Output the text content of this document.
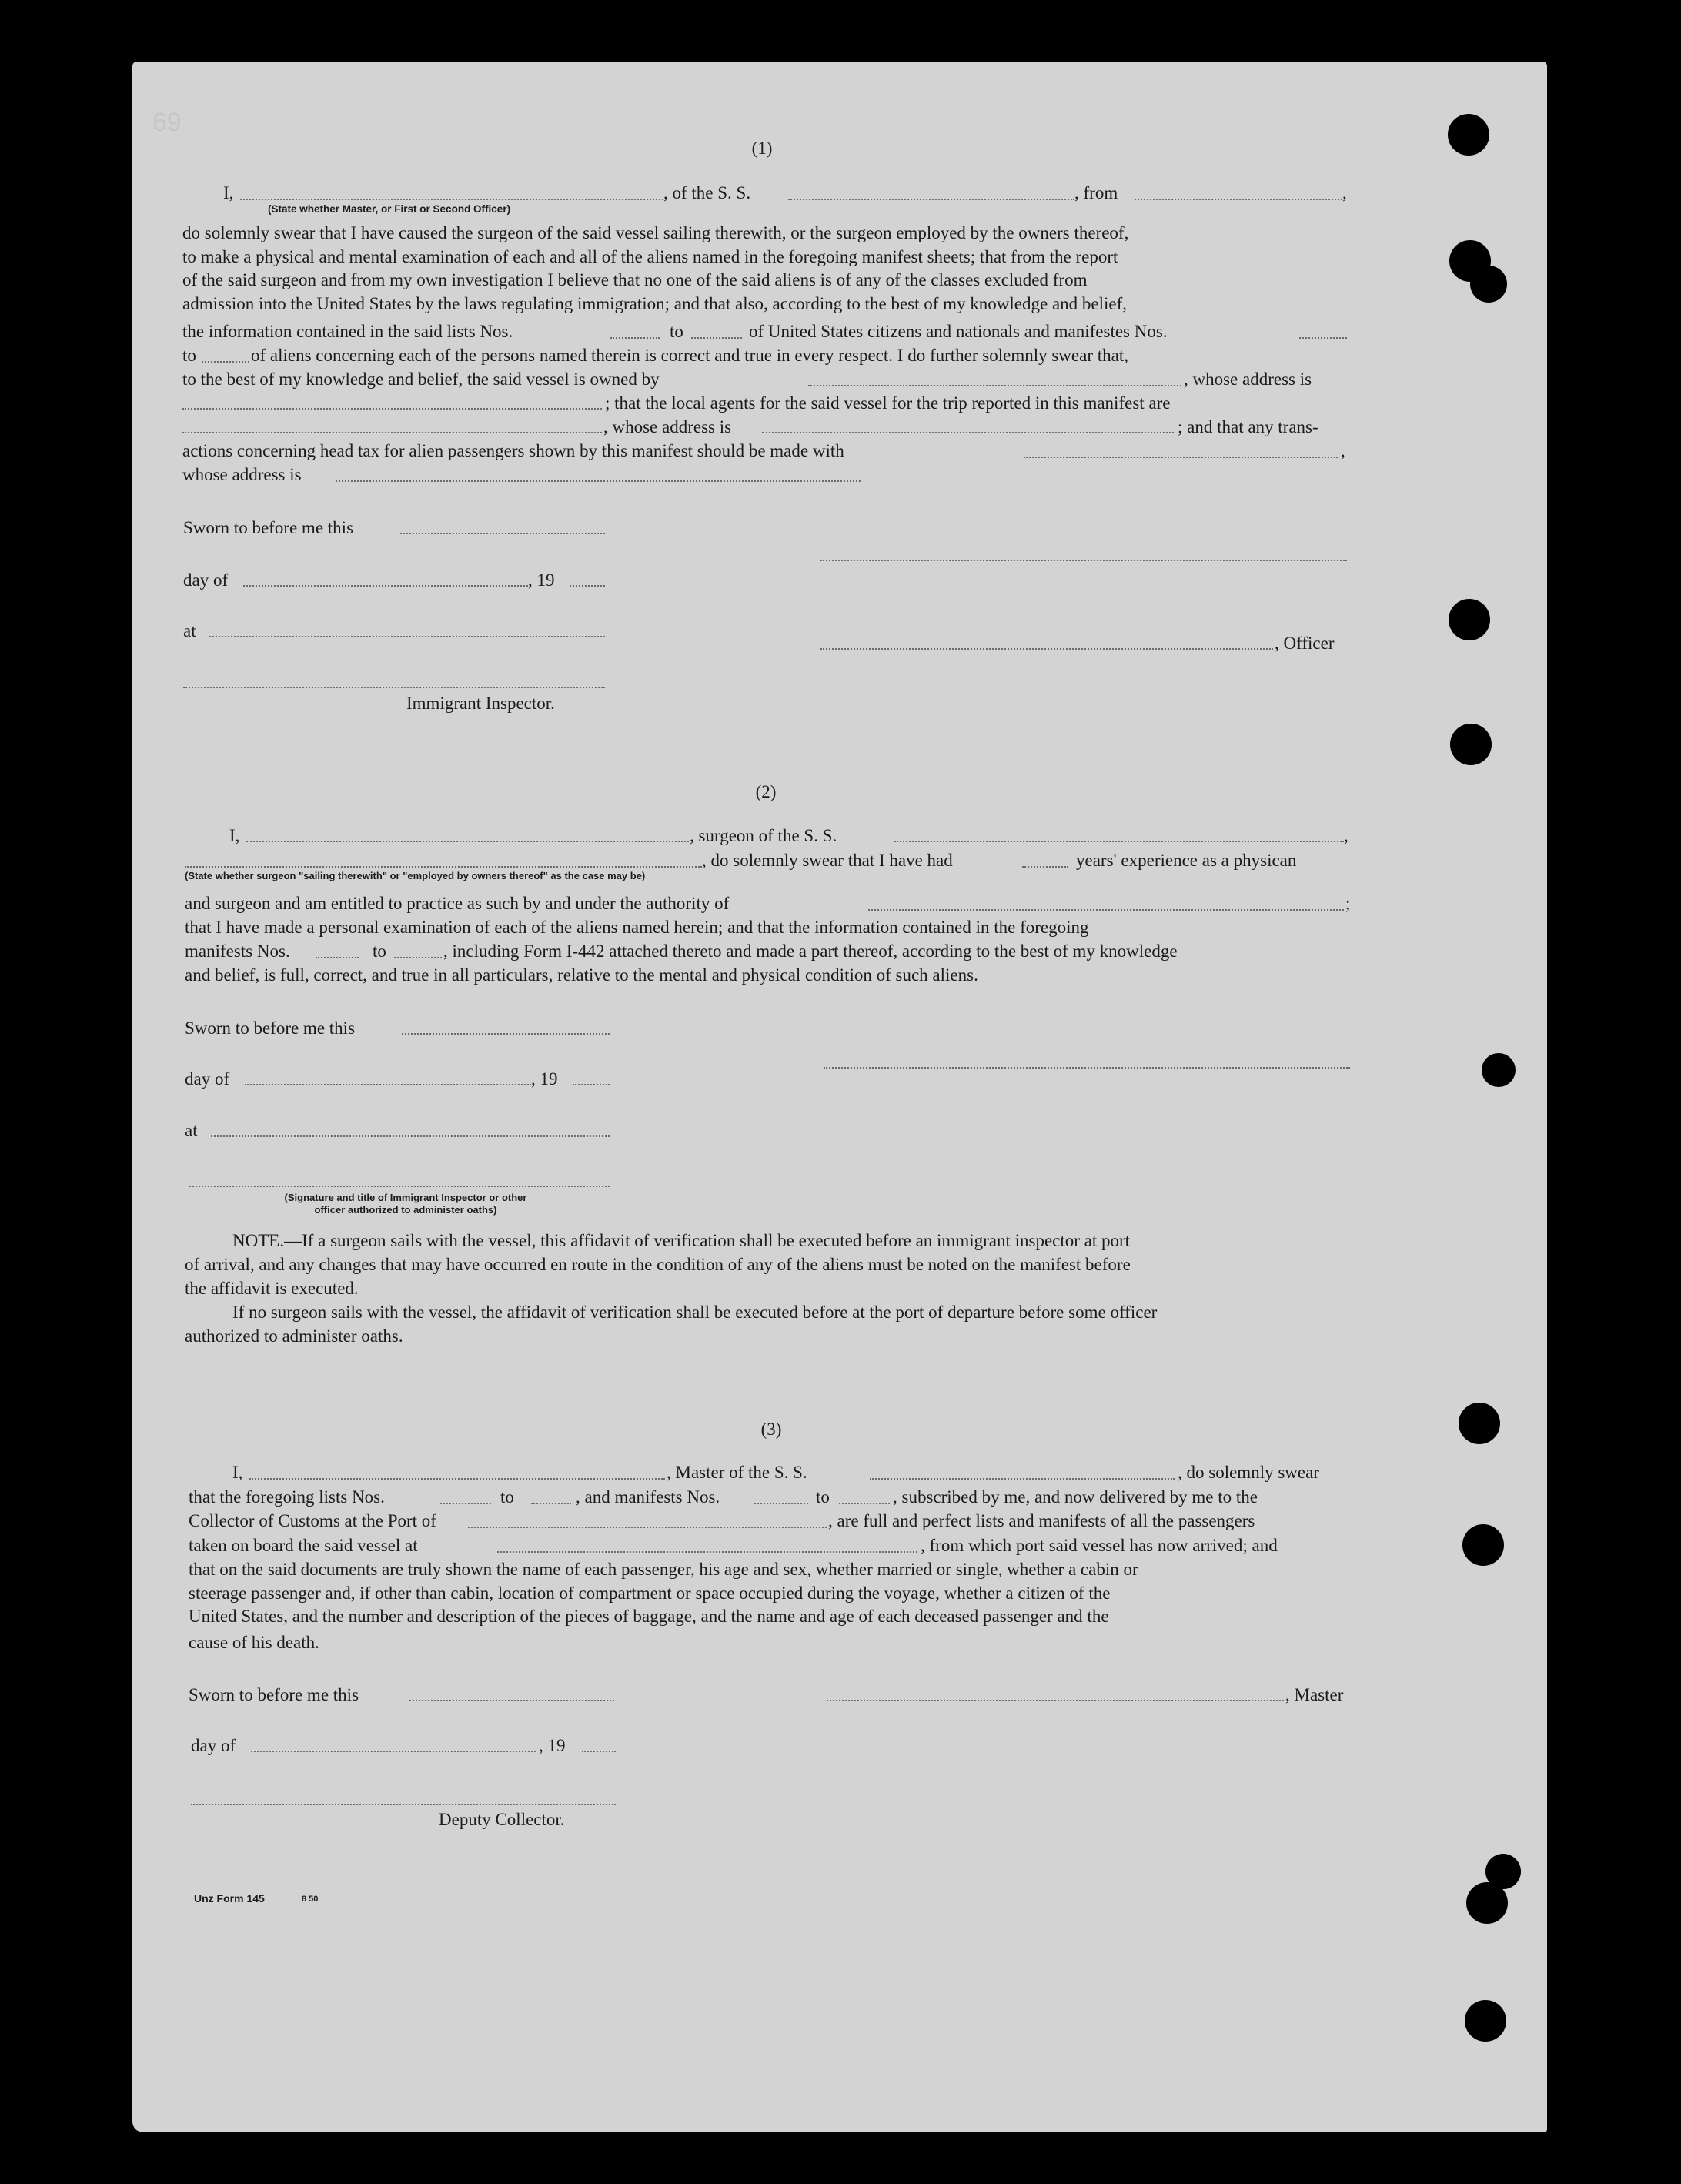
69
(1)
I,	, of the S. S.	, from	,
(State whether Master, or First or Second Officer)

do solemnly swear that I have caused the surgeon of the said vessel sailing therewith, or the surgeon employed by the owners thereof,

to make a physical and mental examination of each and all of the aliens named in the foregoing manifest sheets; that from the report

of the said surgeon and from my own investigation I believe that no one of the said aliens is of any of the classes excluded from

admission into the United States by the laws regulating immigration; and that also, according to the best of my knowledge and belief,

the information contained in the said lists Nos.	to	of United States citizens and nationals and manifestes Nos.
to	of aliens concerning each of the persons named therein is correct and true in every respect. I do further solemnly swear that,
to the best of my knowledge and belief, the said vessel is owned by	, whose address is
; that the local agents for the said vessel for the trip reported in this manifest are
, whose address is	; and that any trans-
actions concerning head tax for alien passengers shown by this manifest should be made with	,
whose address is
Sworn to before me this
day of	, 19
at
Immigrant Inspector.
, Officer
(2)
I,	, surgeon of the S. S.	,
, do solemnly swear that I have had	years' experience as a physican
(State whether surgeon "sailing therewith" or "employed by owners thereof" as the case may be)
and surgeon and am entitled to practice as such by and under the authority of	;

that I have made a personal examination of each of the aliens named herein; and that the information contained in the foregoing

manifests Nos.	to	, including Form I-442 attached thereto and made a part thereof, according to the best of my knowledge
and belief, is full, correct, and true in all particulars, relative to the mental and physical condition of such aliens.
Sworn to before me this
day of	, 19
at
(Signature and title of Immigrant Inspector or other
officer authorized to administer oaths)

NOTE.—If a surgeon sails with the vessel, this affidavit of verification shall be executed before an immigrant inspector at port

of arrival, and any changes that may have occurred en route in the condition of any of the aliens must be noted on the manifest before

the affidavit is executed.

If no surgeon sails with the vessel, the affidavit of verification shall be executed before at the port of departure before some officer

authorized to administer oaths.

(3)
I,	, Master of the S. S.	, do solemnly swear
that the foregoing lists Nos.	to	, and manifests Nos.	to	, subscribed by me, and now delivered by me to the
Collector of Customs at the Port of	, are full and perfect lists and manifests of all the passengers
taken on board the said vessel at	, from which port said vessel has now arrived; and

that on the said documents are truly shown the name of each passenger, his age and sex, whether married or single, whether a cabin or

steerage passenger and, if other than cabin, location of compartment or space occupied during the voyage, whether a citizen of the

United States, and the number and description of the pieces of baggage, and the name and age of each deceased passenger and the

cause of his death.
Sworn to before me this	, Master
day of	, 19
Deputy Collector.
Unz Form 145	8 50
